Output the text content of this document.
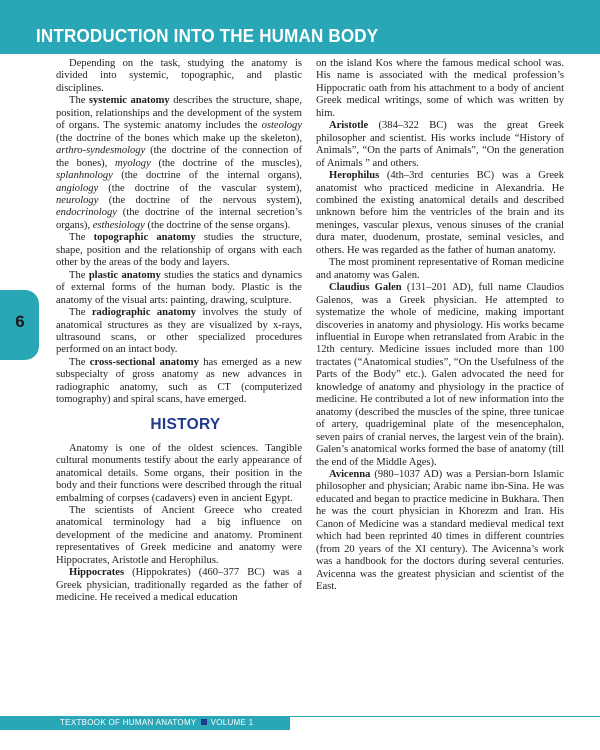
INTRODUCTION INTO THE HUMAN BODY
6

Depending on the task, studying the anatomy is divided into systemic, topographic, and plastic disciplines.

The systemic anatomy describes the structure, shape, position, relationships and the development of the system of organs. The systemic anatomy includes the osteology (the doctrine of the bones which make up the skeleton), arthro-syndesmology (the doctrine of the connection of the bones), myology (the doctrine of the muscles), splanhnology (the doctrine of the internal organs), angiology (the doctrine of the vascular system), neurology (the doctrine of the nervous system), endocrinology (the doctrine of the internal secretion’s organs), esthesiology (the doctrine of the sense organs).

The topographic anatomy studies the structure, shape, position and the relationship of organs with each other by the areas of the body and layers.

The plastic anatomy studies the statics and dynamics of external forms of the human body. Plastic is the anatomy of the visual arts: painting, drawing, sculpture.

The radiographic anatomy involves the study of anatomical structures as they are visualized by x-rays, ultrasound scans, or other specialized procedures performed on an intact body.

The cross-sectional anatomy has emerged as a new subspecialty of gross anatomy as new advances in radiographic anatomy, such as CT (computerized tomography) and spiral scans, have emerged.

HISTORY

Anatomy is one of the oldest sciences. Tangible cultural monuments testify about the early appearance of anatomical details. Some organs, their position in the body and their functions were described through the ritual embalming of corpses (cadavers) even in ancient Egypt.

The scientists of Ancient Greece who created anatomical terminology had a big influence on development of the medicine and anatomy. Prominent representatives of Greek medicine and anatomy were Hippocrates, Aristotle and Herophilus.

Hippocrates (Hippokrates) (460–377 BC) was a Greek physician, traditionally regarded as the father of medicine. He received a medical education

on the island Kos where the famous medical school was. His name is associated with the medical profession’s Hippocratic oath from his attachment to a body of ancient Greek medical writings, some of which was written by him.

Aristotle (384–322 BC) was the great Greek philosopher and scientist. His works include “History of Animals”, “On the parts of Animals”, “On the generation of Animals ” and others.

Herophilus (4th–3rd centuries BC) was a Greek anatomist who practiced medicine in Alexandria. He combined the existing anatomical details and described unknown before him the ventricles of the brain and its meninges, vascular plexus, venous sinuses of the cranial dura mater, duodenum, prostate, seminal vesicles, and others. He was regarded as the father of human anatomy.

The most prominent representative of Roman medicine and anatomy was Galen.

Claudius Galen (131–201 AD), full name Claudios Galenos, was a Greek physician. He attempted to systematize the whole of medicine, making important discoveries in anatomy and physiology. His works became influential in Europe when retranslated from Arabic in the 12th century. Medicine issues included more than 100 tractates (“Anatomical studies”, “On the Usefulness of the Parts of the Body” etc.). Galen advocated the need for knowledge of anatomy and physiology in the practice of medicine. He contributed a lot of new information into the anatomy (described the muscles of the spine, three tunicae of artery, quadrigeminal plate of the mesencephalon, seven pairs of cranial nerves, the largest vein of the brain). Galen’s anatomical works formed the base of anatomy (till the end of the Middle Ages).

Avicenna (980–1037 AD) was a Persian-born Islamic philosopher and physician; Arabic name ibn-Sina. He was educated and began to practice medicine in Bukhara. Then he was the court physician in Khorezm and Iran. His Canon of Medicine was a standard medieval medical text which had been reprinted 40 times in different countries (from 20 years of the XI century). The Avicenna’s work was a handbook for the doctors during several centuries. Avicenna was the greatest physician and scientist of the East.

TEXTBOOK OF HUMAN ANATOMY VOLUME 1
